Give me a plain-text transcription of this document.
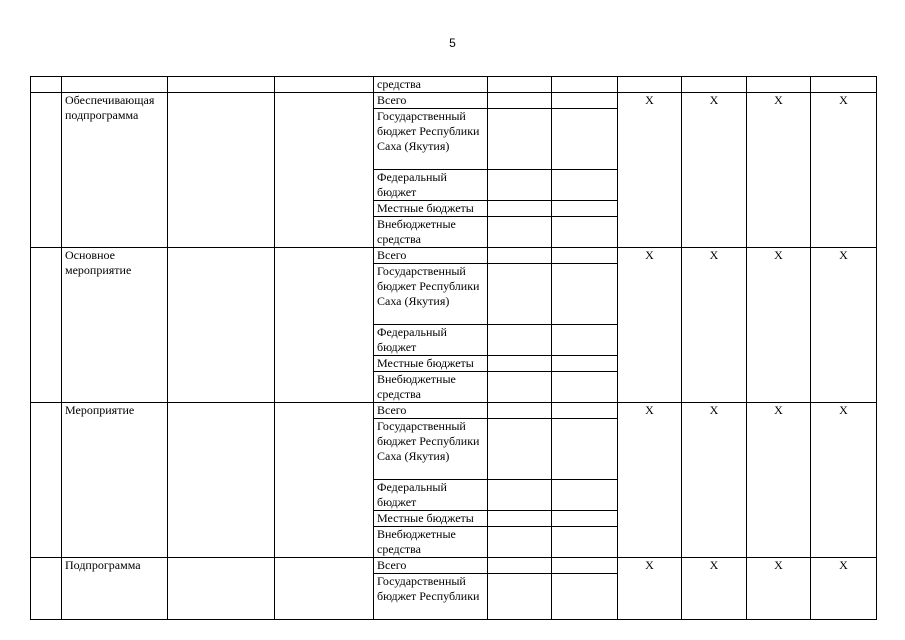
5
				средства						
	Обеспечивающая подпрограмма			Всего			Х	Х	Х	Х
				Государственный бюджет Республики Саха (Якутия)						
				Федеральный бюджет						
				Местные бюджеты						
				Внебюджетные средства						
	Основное мероприятие			Всего			Х	Х	Х	Х
				Государственный бюджет Республики Саха (Якутия)						
				Федеральный бюджет						
				Местные бюджеты						
				Внебюджетные средства						
	Мероприятие			Всего			Х	Х	Х	Х
				Государственный бюджет Республики Саха (Якутия)						
				Федеральный бюджет						
				Местные бюджеты						
				Внебюджетные средства						
	Подпрограмма			Всего			Х	Х	Х	Х
				Государственный бюджет Республики						
